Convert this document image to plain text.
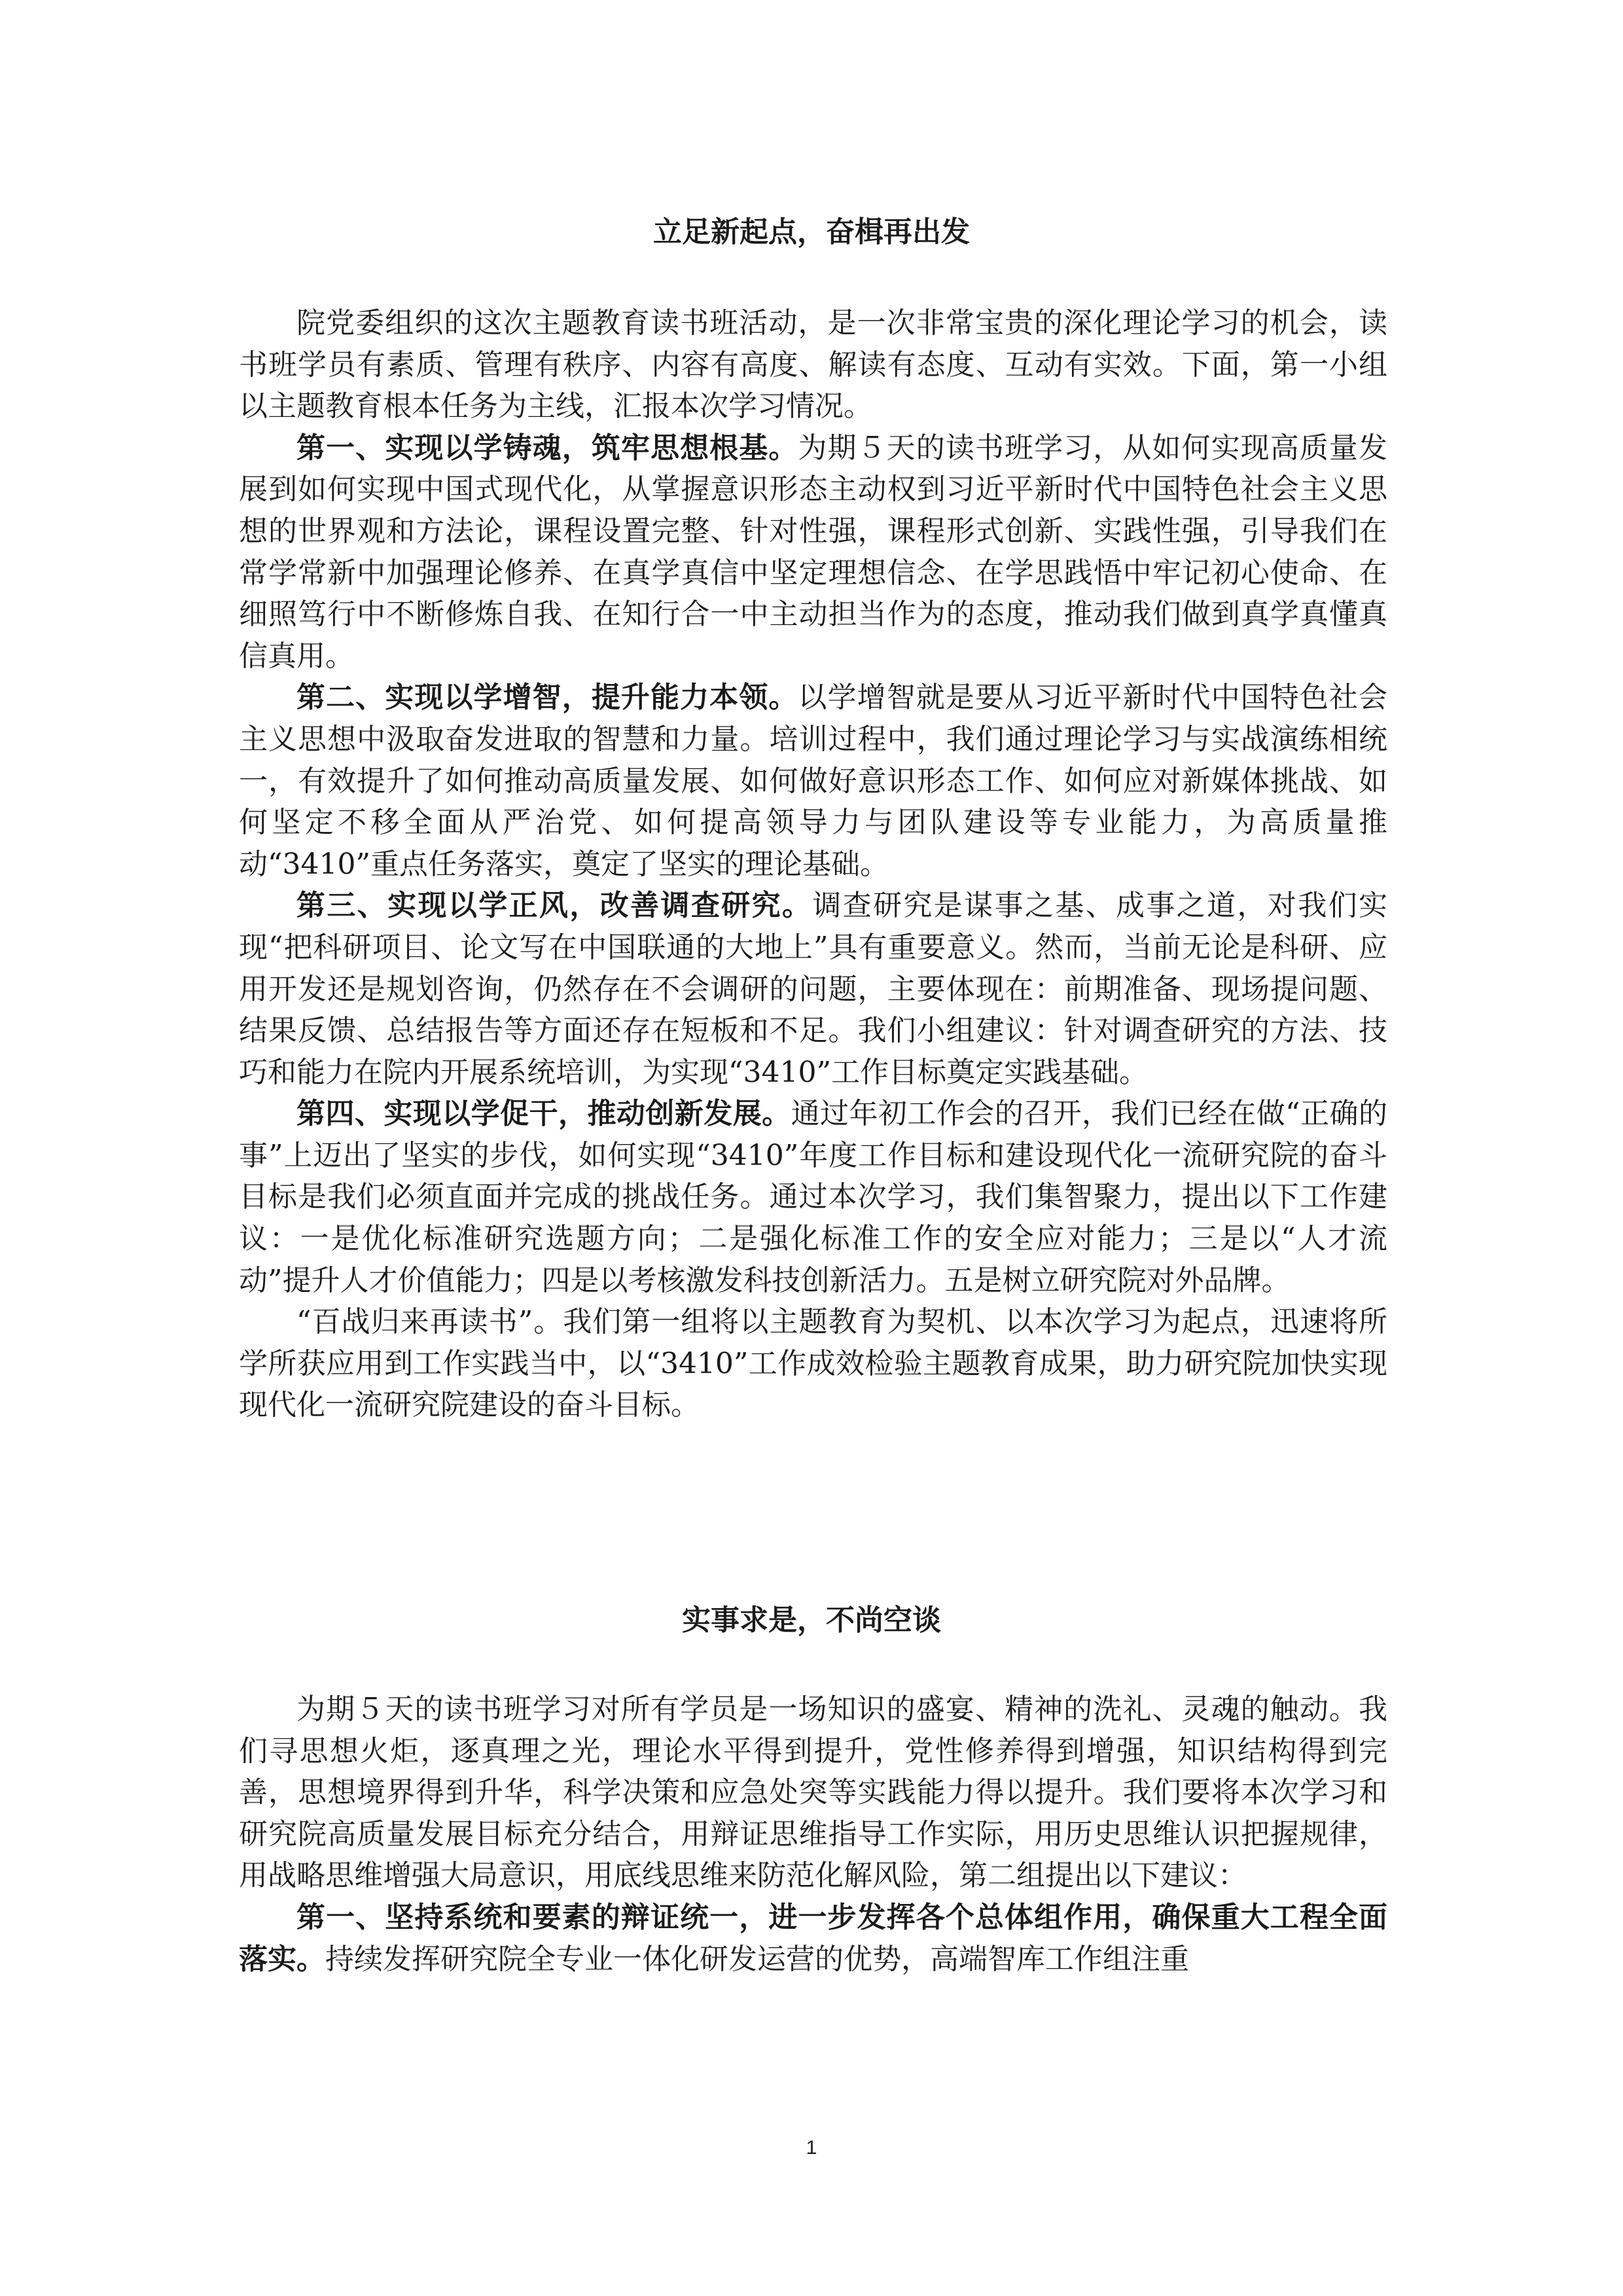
立足新起点，奋楫再出发

院党委组织的这次主题教育读书班活动，是一次非常宝贵的深化理论学习的机会，读书班学员有素质、管理有秩序、内容有高度、解读有态度、互动有实效。下面，第一小组以主题教育根本任务为主线，汇报本次学习情况。

第一、实现以学铸魂，筑牢思想根基。为期５天的读书班学习，从如何实现高质量发展到如何实现中国式现代化，从掌握意识形态主动权到习近平新时代中国特色社会主义思想的世界观和方法论，课程设置完整、针对性强，课程形式创新、实践性强，引导我们在常学常新中加强理论修养、在真学真信中坚定理想信念、在学思践悟中牢记初心使命、在细照笃行中不断修炼自我、在知行合一中主动担当作为的态度，推动我们做到真学真懂真信真用。

第二、实现以学增智，提升能力本领。以学增智就是要从习近平新时代中国特色社会主义思想中汲取奋发进取的智慧和力量。培训过程中，我们通过理论学习与实战演练相统一，有效提升了如何推动高质量发展、如何做好意识形态工作、如何应对新媒体挑战、如何坚定不移全面从严治党、如何提高领导力与团队建设等专业能力，为高质量推动“3410”重点任务落实，奠定了坚实的理论基础。

第三、实现以学正风，改善调查研究。调查研究是谋事之基、成事之道，对我们实现“把科研项目、论文写在中国联通的大地上”具有重要意义。然而，当前无论是科研、应用开发还是规划咨询，仍然存在不会调研的问题，主要体现在：前期准备、现场提问题、结果反馈、总结报告等方面还存在短板和不足。我们小组建议：针对调查研究的方法、技巧和能力在院内开展系统培训，为实现“3410”工作目标奠定实践基础。

第四、实现以学促干，推动创新发展。通过年初工作会的召开，我们已经在做“正确的事”上迈出了坚实的步伐，如何实现“3410”年度工作目标和建设现代化一流研究院的奋斗目标是我们必须直面并完成的挑战任务。通过本次学习，我们集智聚力，提出以下工作建议：一是优化标准研究选题方向；二是强化标准工作的安全应对能力；三是以“人才流动”提升人才价值能力；四是以考核激发科技创新活力。五是树立研究院对外品牌。

“百战归来再读书”。我们第一组将以主题教育为契机、以本次学习为起点，迅速将所学所获应用到工作实践当中，以“3410”工作成效检验主题教育成果，助力研究院加快实现现代化一流研究院建设的奋斗目标。

实事求是，不尚空谈

为期５天的读书班学习对所有学员是一场知识的盛宴、精神的洗礼、灵魂的触动。我们寻思想火炬，逐真理之光，理论水平得到提升，党性修养得到增强，知识结构得到完善，思想境界得到升华，科学决策和应急处突等实践能力得以提升。我们要将本次学习和研究院高质量发展目标充分结合，用辩证思维指导工作实际，用历史思维认识把握规律，用战略思维增强大局意识，用底线思维来防范化解风险，第二组提出以下建议：

第一、坚持系统和要素的辩证统一，进一步发挥各个总体组作用，确保重大工程全面落实。持续发挥研究院全专业一体化研发运营的优势，高端智库工作组注重

1
